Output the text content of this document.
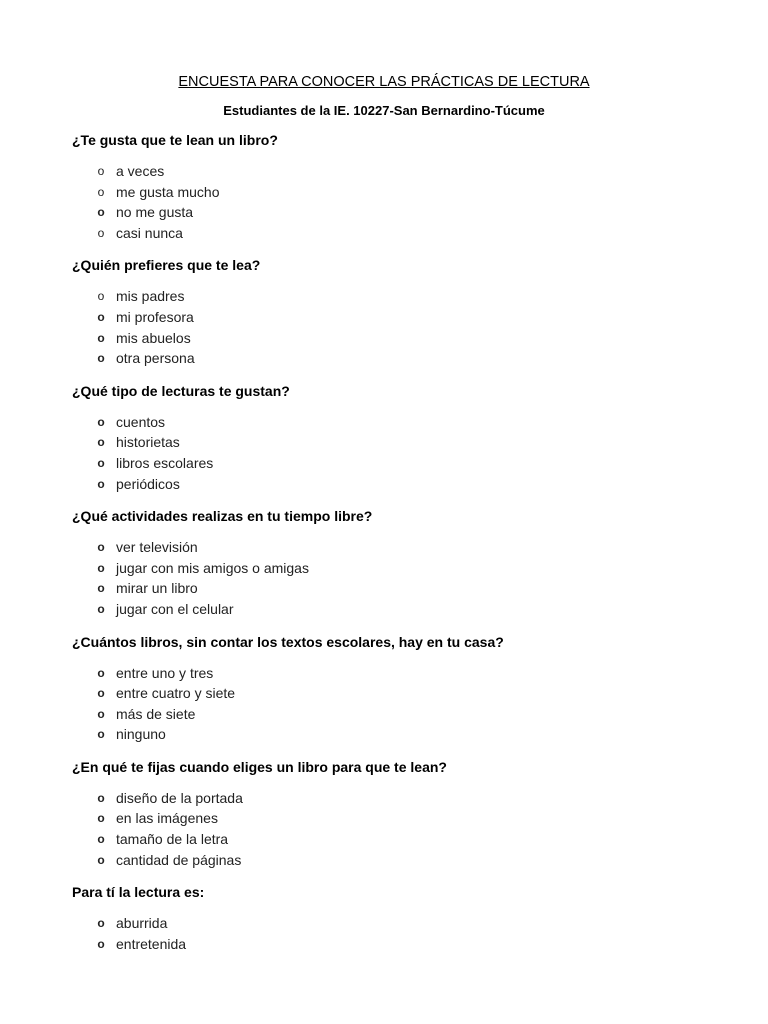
ENCUESTA PARA CONOCER LAS PRÁCTICAS DE LECTURA
Estudiantes de la IE. 10227-San Bernardino-Túcume
¿Te gusta que te lean un libro?
o a veces
o me gusta mucho
o no me gusta
o casi nunca
¿Quién prefieres que te lea?
o mis padres
o mi profesora
o mis abuelos
o otra persona
¿Qué tipo de lecturas te gustan?
o cuentos
o historietas
o libros escolares
o periódicos
¿Qué actividades realizas en tu tiempo libre?
o ver televisión
o jugar con mis amigos o amigas
o mirar un libro
o jugar con el celular
¿Cuántos libros, sin contar los textos escolares, hay en tu casa?
o entre uno y tres
o entre cuatro y siete
o más de siete
o ninguno
¿En qué te fijas cuando eliges un libro para que te lean?
o diseño de la portada
o en las imágenes
o tamaño de la letra
o cantidad de páginas
Para tí la lectura es:
o aburrida
o entretenida
